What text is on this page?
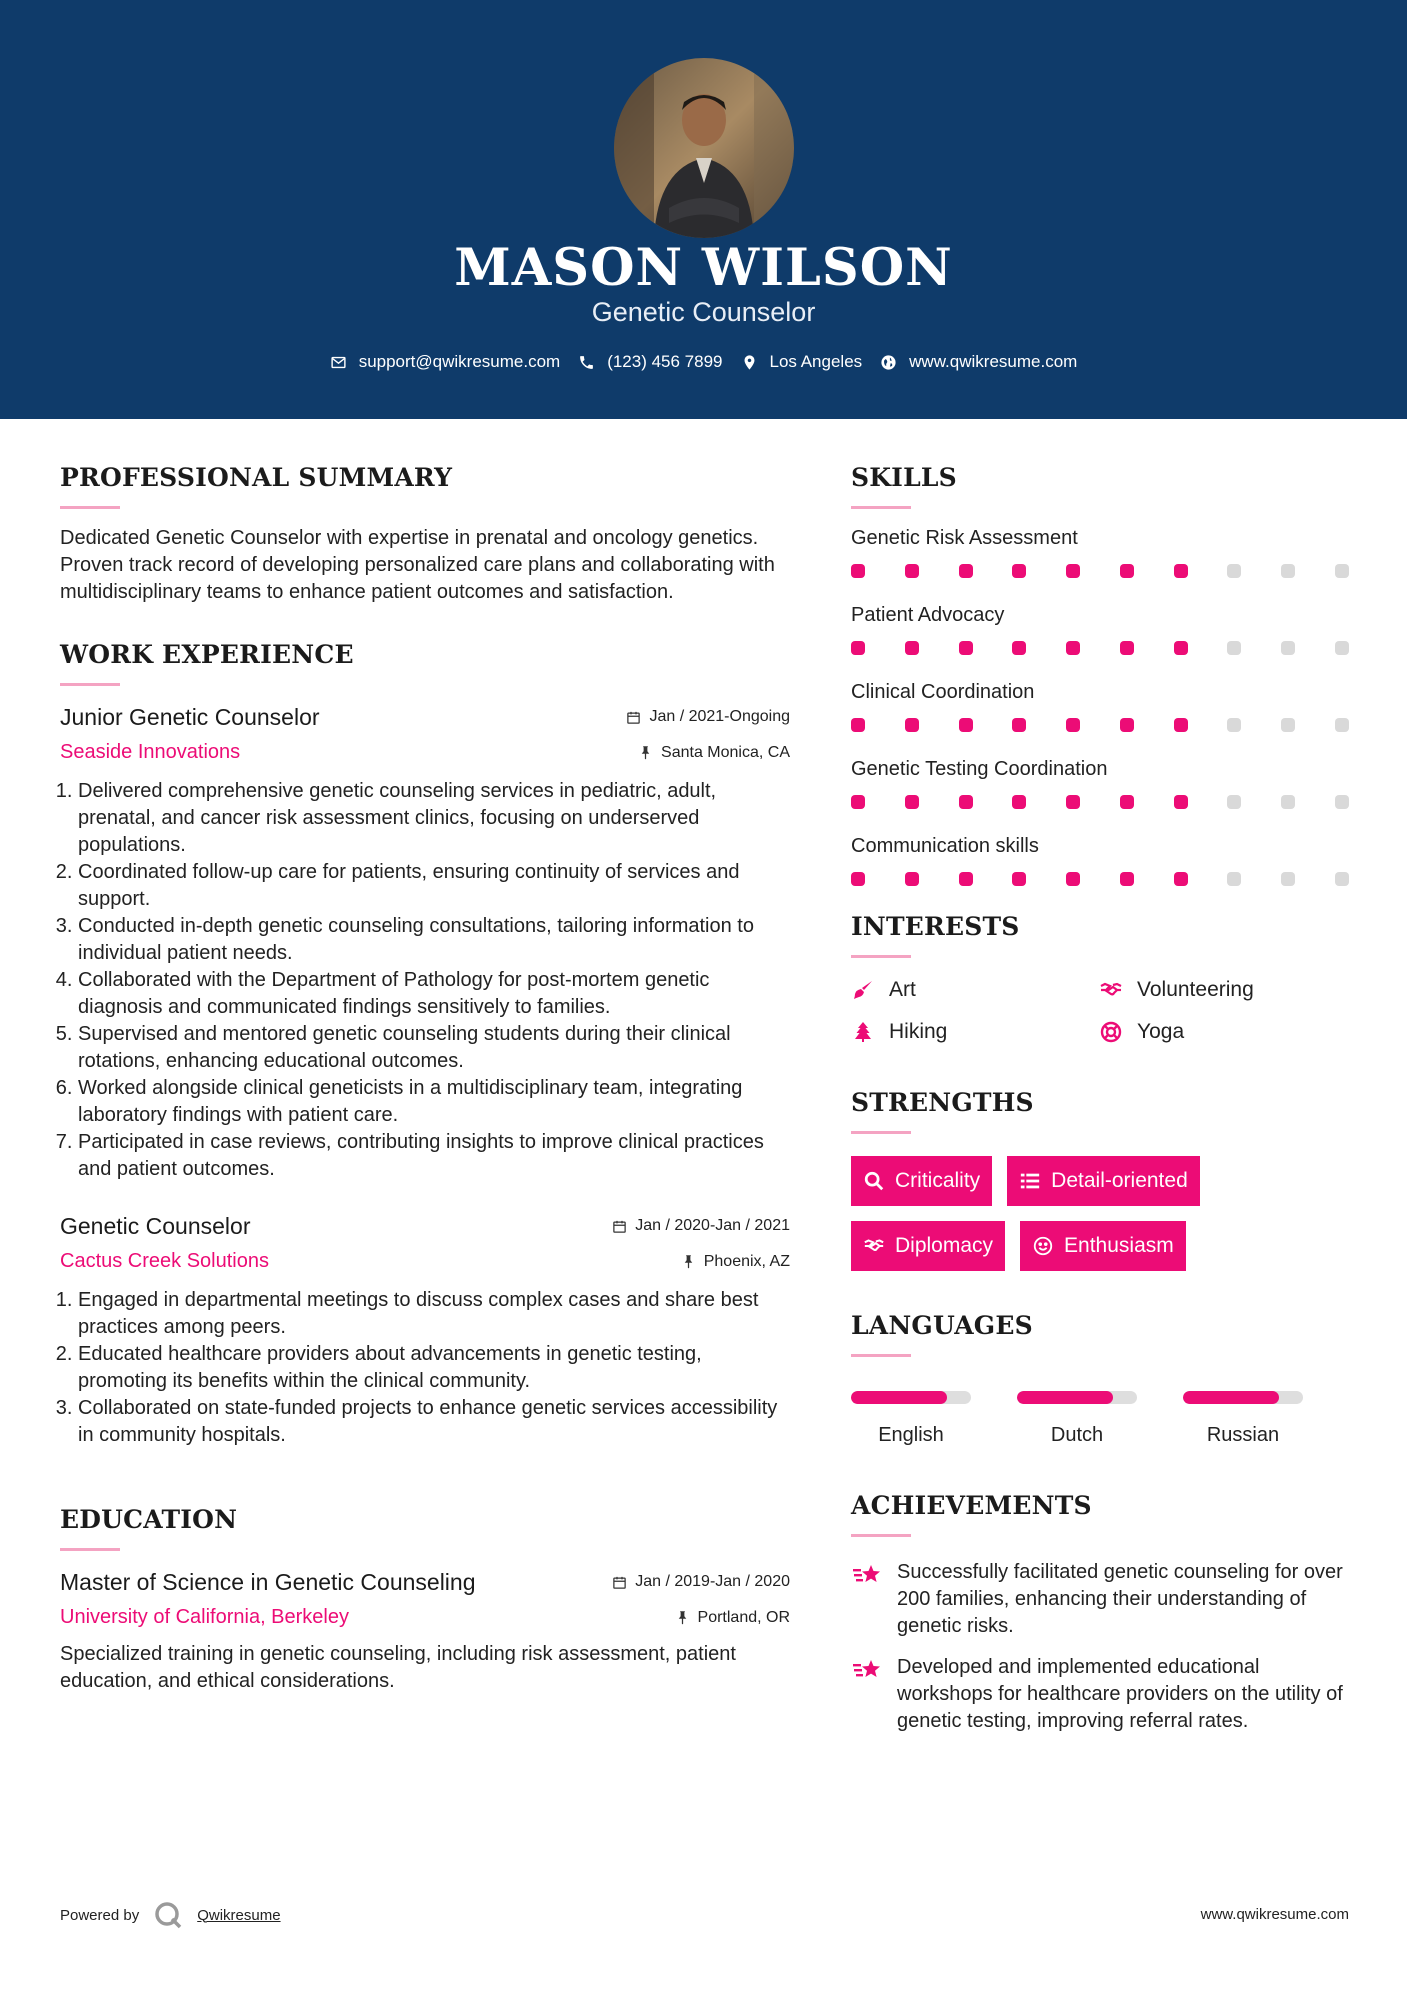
MASON WILSON
Genetic Counselor
support@qwikresume.com	(123) 456 7899	Los Angeles	www.qwikresume.com
PROFESSIONAL SUMMARY
Dedicated Genetic Counselor with expertise in prenatal and oncology genetics. Proven track record of developing personalized care plans and collaborating with multidisciplinary teams to enhance patient outcomes and satisfaction.
WORK EXPERIENCE
Junior Genetic Counselor	Jan / 2021-Ongoing
Seaside Innovations	Santa Monica, CA
1. Delivered comprehensive genetic counseling services in pediatric, adult, prenatal, and cancer risk assessment clinics, focusing on underserved populations.
2. Coordinated follow-up care for patients, ensuring continuity of services and support.
3. Conducted in-depth genetic counseling consultations, tailoring information to individual patient needs.
4. Collaborated with the Department of Pathology for post-mortem genetic diagnosis and communicated findings sensitively to families.
5. Supervised and mentored genetic counseling students during their clinical rotations, enhancing educational outcomes.
6. Worked alongside clinical geneticists in a multidisciplinary team, integrating laboratory findings with patient care.
7. Participated in case reviews, contributing insights to improve clinical practices and patient outcomes.
Genetic Counselor	Jan / 2020-Jan / 2021
Cactus Creek Solutions	Phoenix, AZ
1. Engaged in departmental meetings to discuss complex cases and share best practices among peers.
2. Educated healthcare providers about advancements in genetic testing, promoting its benefits within the clinical community.
3. Collaborated on state-funded projects to enhance genetic services accessibility in community hospitals.
EDUCATION
Master of Science in Genetic Counseling	Jan / 2019-Jan / 2020
University of California, Berkeley	Portland, OR
Specialized training in genetic counseling, including risk assessment, patient education, and ethical considerations.
SKILLS
Genetic Risk Assessment
Patient Advocacy
Clinical Coordination
Genetic Testing Coordination
Communication skills
INTERESTS
Art	Volunteering
Hiking	Yoga
STRENGTHS
Criticality	Detail-oriented
Diplomacy	Enthusiasm
LANGUAGES
English	Dutch	Russian
ACHIEVEMENTS
Successfully facilitated genetic counseling for over 200 families, enhancing their understanding of genetic risks.
Developed and implemented educational workshops for healthcare providers on the utility of genetic testing, improving referral rates.
Powered by	Qwikresume	www.qwikresume.com
